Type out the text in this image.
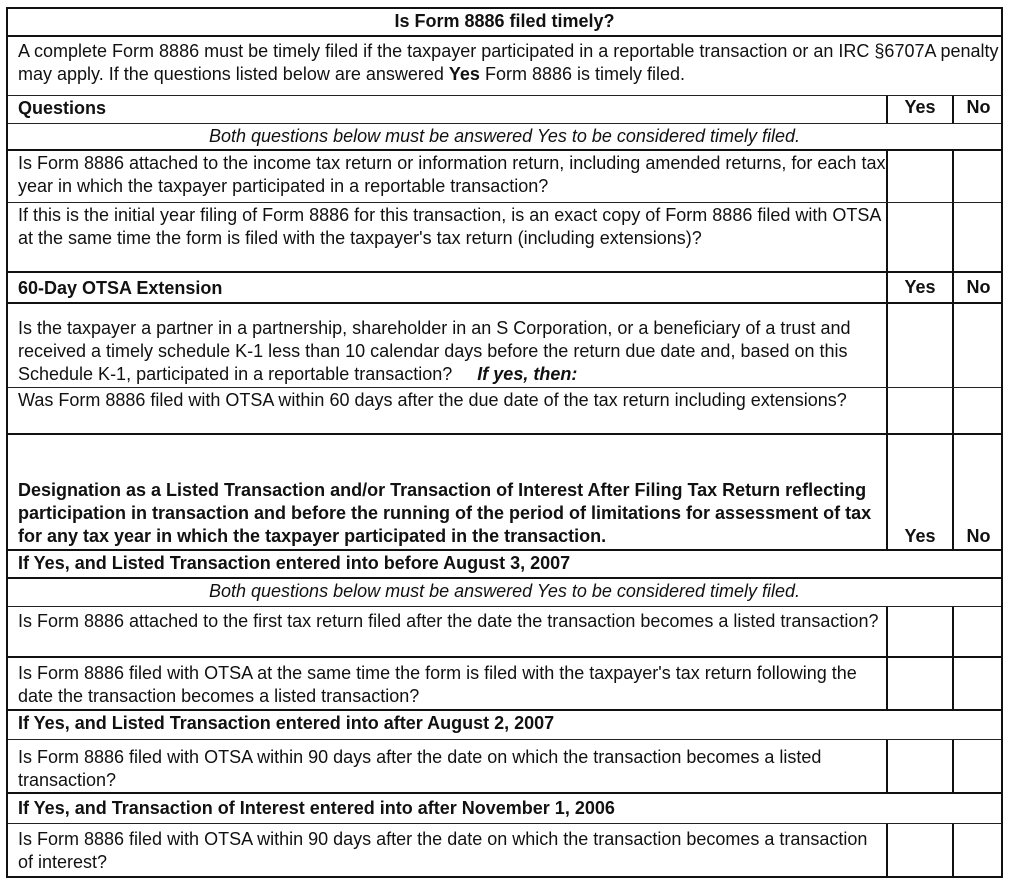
Is Form 8886 filed timely?
A complete Form 8886 must be timely filed if the taxpayer participated in a reportable transaction or an IRC §6707A penalty may apply. If the questions listed below are answered Yes Form 8886 is timely filed.
Questions	Yes	No
Both questions below must be answered Yes to be considered timely filed.
Is Form 8886 attached to the income tax return or information return, including amended returns, for each tax year in which the taxpayer participated in a reportable transaction?
If this is the initial year filing of Form 8886 for this transaction, is an exact copy of Form 8886 filed with OTSA at the same time the form is filed with the taxpayer's tax return (including extensions)?
60-Day OTSA Extension	Yes	No
Is the taxpayer a partner in a partnership, shareholder in an S Corporation, or a beneficiary of a trust and received a timely schedule K-1 less than 10 calendar days before the return due date and, based on this Schedule K-1, participated in a reportable transaction? If yes, then:
Was Form 8886 filed with OTSA within 60 days after the due date of the tax return including extensions?
Designation as a Listed Transaction and/or Transaction of Interest After Filing Tax Return reflecting participation in transaction and before the running of the period of limitations for assessment of tax for any tax year in which the taxpayer participated in the transaction.	Yes	No
If Yes, and Listed Transaction entered into before August 3, 2007
Both questions below must be answered Yes to be considered timely filed.
Is Form 8886 attached to the first tax return filed after the date the transaction becomes a listed transaction?
Is Form 8886 filed with OTSA at the same time the form is filed with the taxpayer's tax return following the date the transaction becomes a listed transaction?
If Yes, and Listed Transaction entered into after August 2, 2007
Is Form 8886 filed with OTSA within 90 days after the date on which the transaction becomes a listed transaction?
If Yes, and Transaction of Interest entered into after November 1, 2006
Is Form 8886 filed with OTSA within 90 days after the date on which the transaction becomes a transaction of interest?
